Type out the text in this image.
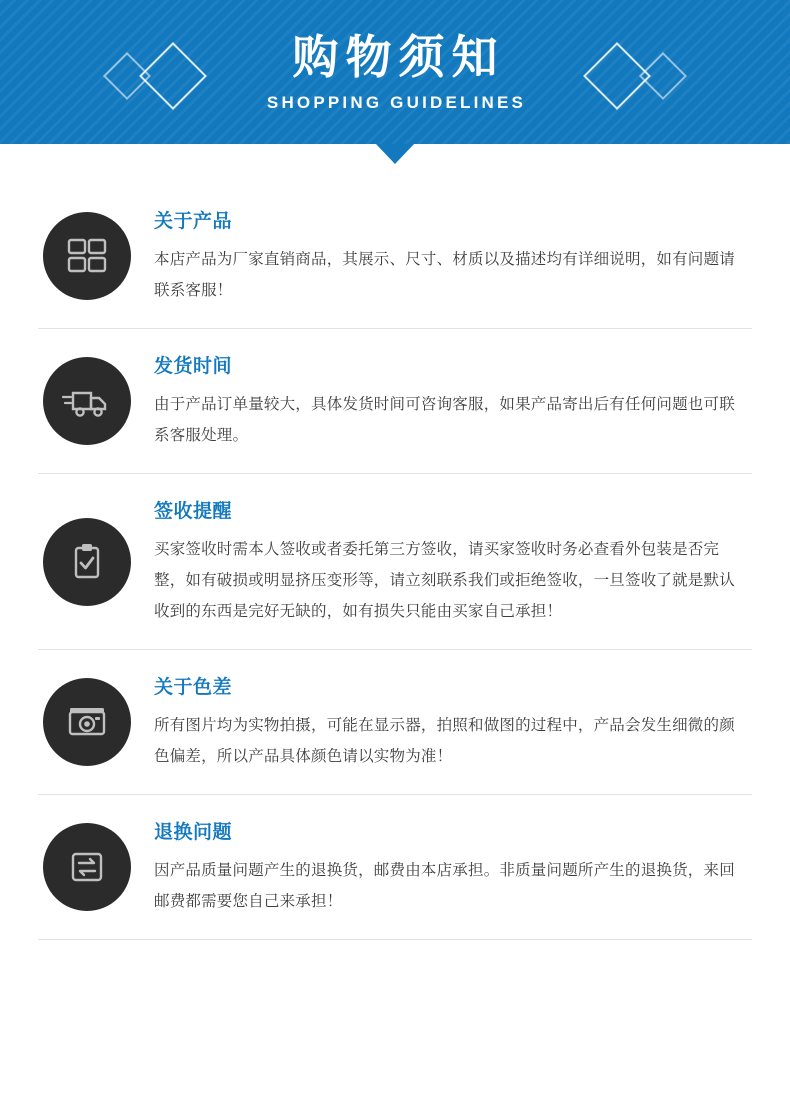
购物须知
SHOPPING GUIDELINES
关于产品
本店产品为厂家直销商品，其展示、尺寸、材质以及描述均有详细说明，如有问题请联系客服！
发货时间
由于产品订单量较大，具体发货时间可咨询客服，如果产品寄出后有任何问题也可联系客服处理。
签收提醒
买家签收时需本人签收或者委托第三方签收，请买家签收时务必查看外包装是否完整，如有破损或明显挤压变形等，请立刻联系我们或拒绝签收，一旦签收了就是默认收到的东西是完好无缺的，如有损失只能由买家自己承担！
关于色差
所有图片均为实物拍摄，可能在显示器，拍照和做图的过程中，产品会发生细微的颜色偏差，所以产品具体颜色请以实物为准！
退换问题
因产品质量问题产生的退换货，邮费由本店承担。非质量问题所产生的退换货，来回邮费都需要您自己来承担！
